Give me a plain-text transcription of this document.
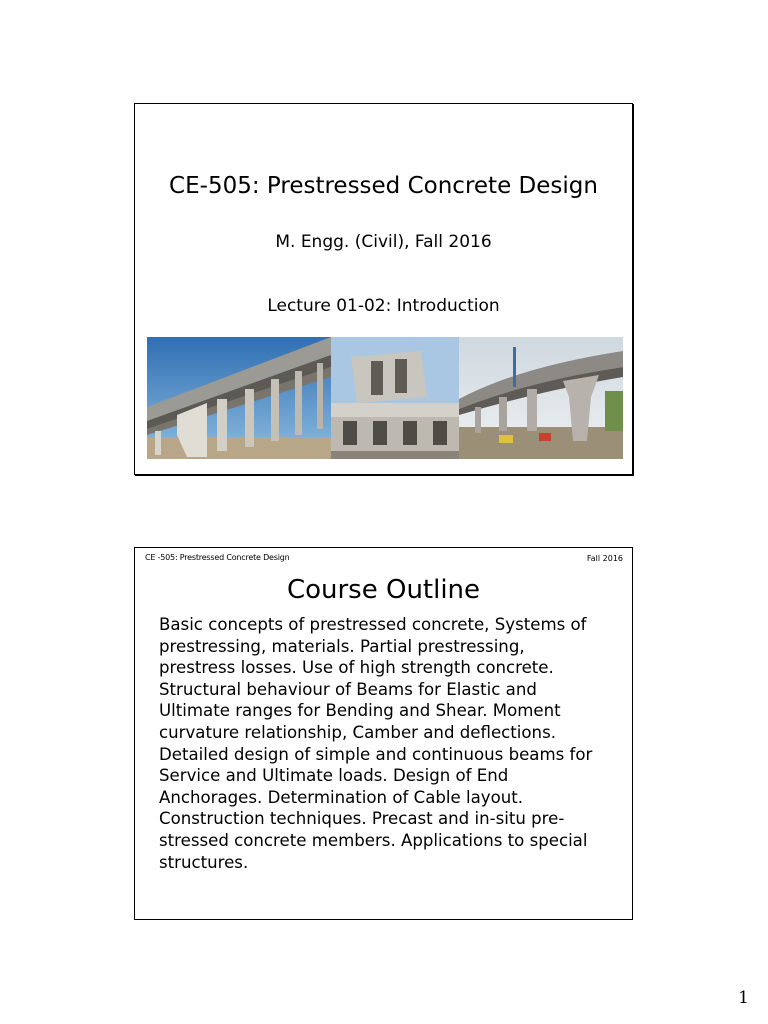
CE-505: Prestressed Concrete Design
M. Engg. (Civil), Fall 2016
Lecture 01-02: Introduction
CE -505: Prestressed Concrete Design	Fall 2016
Course Outline
Basic concepts of prestressed concrete, Systems of
prestressing, materials. Partial prestressing,
prestress losses. Use of high strength concrete.
Structural behaviour of Beams for Elastic and
Ultimate ranges for Bending and Shear. Moment
curvature relationship, Camber and deflections.
Detailed design of simple and continuous beams for
Service and Ultimate loads. Design of End
Anchorages. Determination of Cable layout.
Construction techniques. Precast and in-situ pre-
stressed concrete members. Applications to special
structures.
1
